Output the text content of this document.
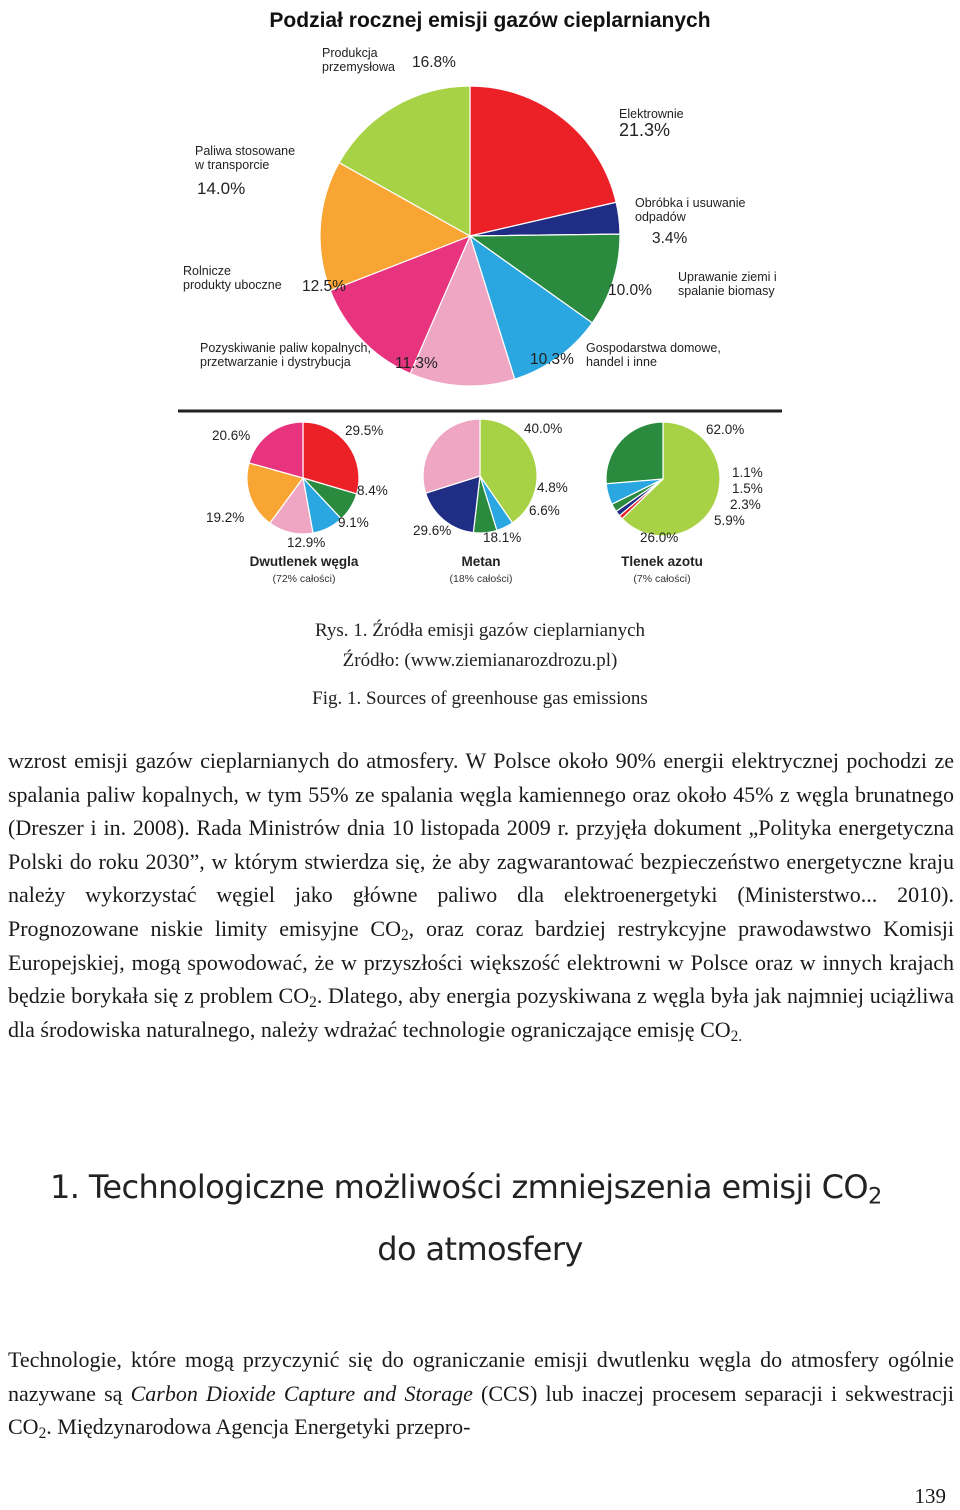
Podział rocznej emisji gazów cieplarnianych
Produkcja
przemysłowa 16.8%
Elektrownie
21.3%
Obróbka i usuwanie
odpadów
3.4%
Uprawanie ziemi i
spalanie biomasy
10.0%
Gospodarstwa domowe,
handel i inne
10.3%
Pozyskiwanie paliw kopalnych,
przetwarzanie i dystrybucja	11.3%
Rolnicze
produkty uboczne 12.5%
Paliwa stosowane
w transporcie
14.0%
29.5%
8.4%
9.1%
12.9%
19.2%
20.6%	40.0%
4.8%
6.6%
18.1%
29.6%
62.0%
1.1%
1.5%
2.3%
5.9%
26.0%
Dwutlenek węgla
(72% całości)
Metan
(18% całości)
Tlenek azotu
(7% całości)
Rys. 1. Źródła emisji gazów cieplarnianych
Źródło: (www.ziemianarozdrozu.pl)
Fig. 1. Sources of greenhouse gas emissions

wzrost emisji gazów cieplarnianych do atmosfery. W Polsce około 90% energii elektrycznej pochodzi ze spalania paliw kopalnych, w tym 55% ze spalania węgla kamiennego oraz około 45% z węgla brunatnego (Dreszer i in. 2008). Rada Ministrów dnia 10 listopada 2009 r. przyjęła dokument „Polityka energetyczna Polski do roku 2030”, w którym stwierdza się, że aby zagwarantować bezpieczeństwo energetyczne kraju należy wykorzystać węgiel jako główne paliwo dla elektroenergetyki (Ministerstwo... 2010). Prognozowane niskie limity emisyjne $CO_2$, oraz coraz bardziej restrykcyjne prawodawstwo Komisji Europejskiej, mogą spowodować, że w przyszłości większość elektrowni w Polsce oraz w innych krajach będzie borykała się z problem $CO_2$. Dlatego, aby energia pozyskiwana z węgla była jak najmniej uciążliwa dla środowiska naturalnego, należy wdrażać technologie ograniczające emisję $CO_{2.}$

1. Technologiczne możliwości zmniejszenia emisji $CO_2$
do atmosfery

Technologie, które mogą przyczynić się do ograniczanie emisji dwutlenku węgla do atmosfery ogólnie nazywane są Carbon Dioxide Capture and Storage (CCS) lub inaczej procesem separacji i sekwestracji $CO_2$. Międzynarodowa Agencja Energetyki przepro-

139
